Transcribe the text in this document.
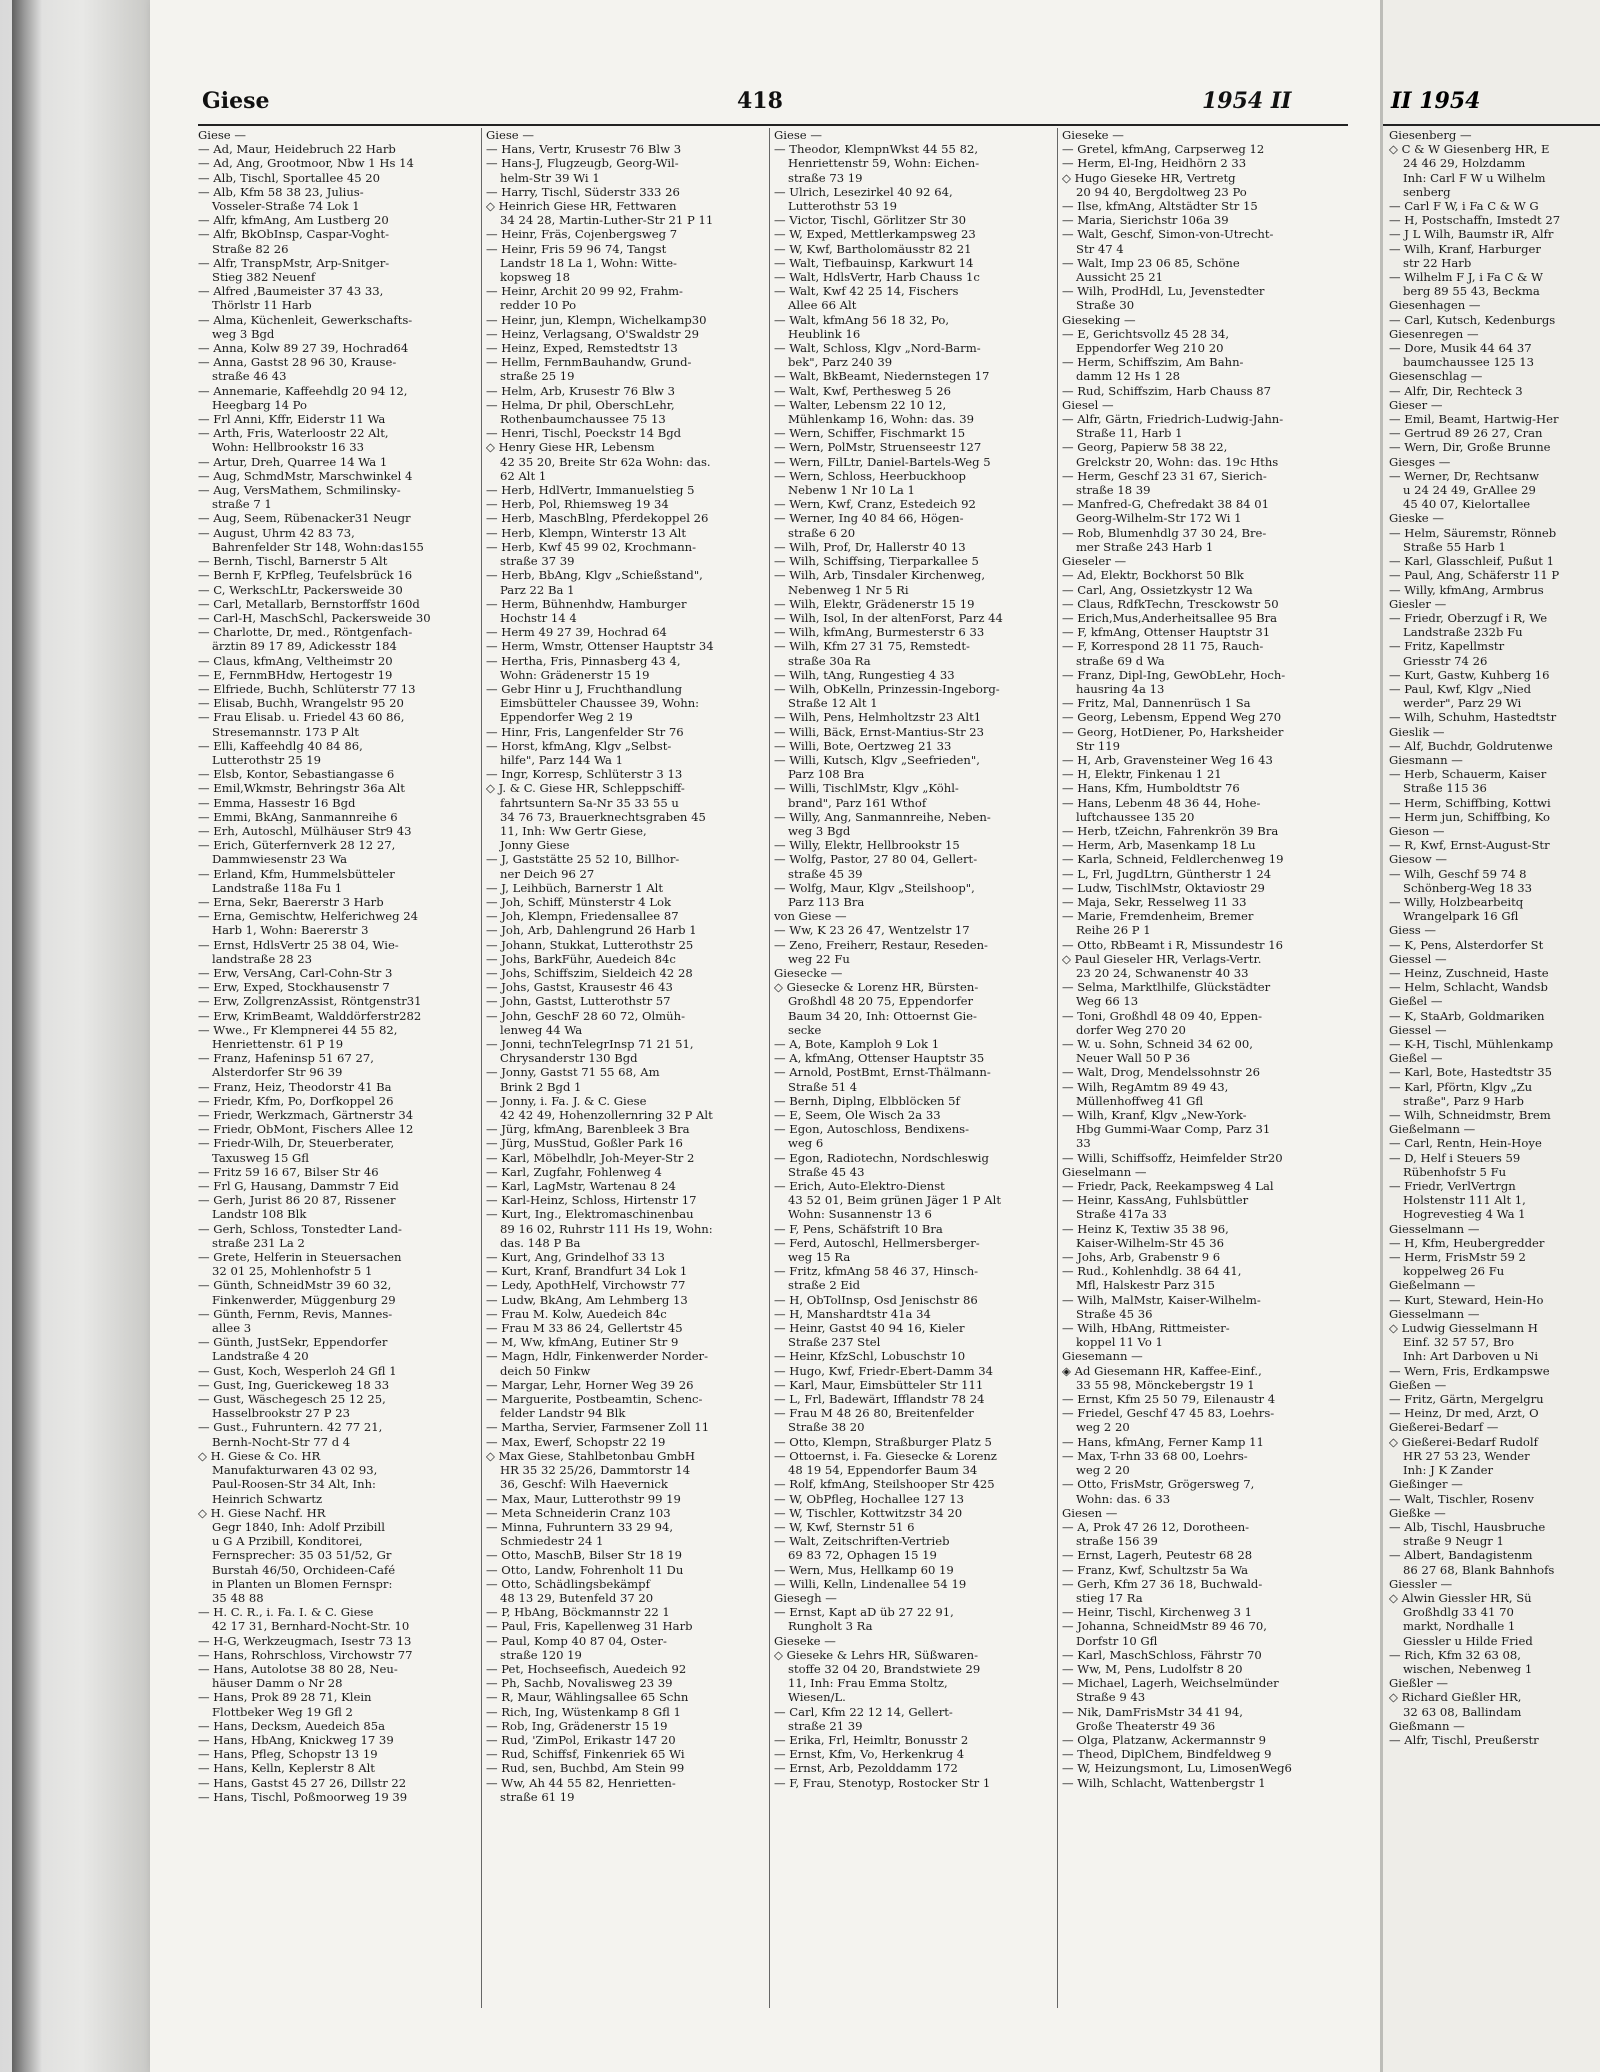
Giese	418	1954 II
Giese —
— Ad, Maur, Heidebruch 22 Harb
— Ad, Ang, Grootmoor, Nbw 1 Hs 14
— Alb, Tischl, Sportallee 45 20
— Alb, Kfm 58 38 23, Julius-
Vosseler-Straße 74 Lok 1
— Alfr, kfmAng, Am Lustberg 20
— Alfr, BkObInsp, Caspar-Voght-
Straße 82 26
— Alfr, TranspMstr, Arp-Snitger-
Stieg 382 Neuenf
— Alfred ‚Baumeister 37 43 33,
Thörlstr 11 Harb
— Alma, Küchenleit, Gewerkschafts-
weg 3 Bgd
— Anna, Kolw 89 27 39, Hochrad64
— Anna, Gastst 28 96 30, Krause-
straße 46 43
— Annemarie, Kaffeehdlg 20 94 12,
Heegbarg 14 Po
— Frl Anni, Kffr, Eiderstr 11 Wa
— Arth, Fris, Waterloostr 22 Alt,
Wohn: Hellbrookstr 16 33
— Artur, Dreh, Quarree 14 Wa 1
— Aug, SchmdMstr, Marschwinkel 4
— Aug, VersMathem, Schmilinsky-
straße 7 1
— Aug, Seem, Rübenacker31 Neugr
— August, Uhrm 42 83 73,
Bahrenfelder Str 148, Wohn:das155
— Bernh, Tischl, Barnerstr 5 Alt
— Bernh F, KrPfleg, Teufelsbrück 16
— C, WerkschLtr, Packersweide 30
— Carl, Metallarb, Bernstorffstr 160d
— Carl-H, MaschSchl, Packersweide 30
— Charlotte, Dr, med., Röntgenfach-
ärztin 89 17 89, Adickesstr 184
— Claus, kfmAng, Veltheimstr 20
— E, FernmBHdw, Hertogestr 19
— Elfriede, Buchh, Schlüterstr 77 13
— Elisab, Buchh, Wrangelstr 95 20
— Frau Elisab. u. Friedel 43 60 86,
Stresemannstr. 173 P Alt
— Elli, Kaffeehdlg 40 84 86,
Lutterothstr 25 19
— Elsb, Kontor, Sebastiangasse 6
— Emil,Wkmstr, Behringstr 36a Alt
— Emma, Hassestr 16 Bgd
— Emmi, BkAng, Sanmannreihe 6
— Erh, Autoschl, Mülhäuser Str9 43
— Erich, Güterfernverk 28 12 27,
Dammwiesenstr 23 Wa
— Erland, Kfm, Hummelsbütteler
Landstraße 118a Fu 1
— Erna, Sekr, Baererstr 3 Harb
— Erna, Gemischtw, Helferichweg 24
Harb 1, Wohn: Baererstr 3
— Ernst, HdlsVertr 25 38 04, Wie-
landstraße 28 23
— Erw, VersAng, Carl-Cohn-Str 3
— Erw, Exped, Stockhausenstr 7
— Erw, ZollgrenzAssist, Röntgenstr31
— Erw, KrimBeamt, Walddörferstr282
— Wwe., Fr Klempnerei 44 55 82,
Henriettenstr. 61 P 19
— Franz, Hafeninsp 51 67 27,
Alsterdorfer Str 96 39
— Franz, Heiz, Theodorstr 41 Ba
— Friedr, Kfm, Po, Dorfkoppel 26
— Friedr, Werkzmach, Gärtnerstr 34
— Friedr, ObMont, Fischers Allee 12
— Friedr-Wilh, Dr, Steuerberater,
Taxusweg 15 Gfl
— Fritz 59 16 67, Bilser Str 46
— Frl G, Hausang, Dammstr 7 Eid
— Gerh, Jurist 86 20 87, Rissener
Landstr 108 Blk
— Gerh, Schloss, Tonstedter Land-
straße 231 La 2
— Grete, Helferin in Steuersachen
32 01 25, Mohlenhofstr 5 1
— Günth, SchneidMstr 39 60 32,
Finkenwerder, Müggenburg 29
— Günth, Fernm, Revis, Mannes-
allee 3
— Günth, JustSekr, Eppendorfer
Landstraße 4 20
— Gust, Koch, Wesperloh 24 Gfl 1
— Gust, Ing, Guerickeweg 18 33
— Gust, Wäschegesch 25 12 25,
Hasselbrookstr 27 P 23
— Gust., Fuhruntern. 42 77 21,
Bernh-Nocht-Str 77 d 4
◇ H. Giese & Co. HR
Manufakturwaren 43 02 93,
Paul-Roosen-Str 34 Alt, Inh:
Heinrich Schwartz
◇ H. Giese Nachf. HR
Gegr 1840, Inh: Adolf Przibill
u G A Przibill, Konditorei,
Fernsprecher: 35 03 51/52, Gr
Burstah 46/50, Orchideen-Café
in Planten un Blomen Fernspr:
35 48 88
— H. C. R., i. Fa. I. & C. Giese
42 17 31, Bernhard-Nocht-Str. 10
— H-G, Werkzeugmach, Isestr 73 13
— Hans, Rohrschloss, Virchowstr 77
— Hans, Autolotse 38 80 28, Neu-
häuser Damm o Nr 28
— Hans, Prok 89 28 71, Klein
Flottbeker Weg 19 Gfl 2
— Hans, Decksm, Auedeich 85a
— Hans, HbAng, Knickweg 17 39
— Hans, Pfleg, Schopstr 13 19
— Hans, Kelln, Keplerstr 8 Alt
— Hans, Gastst 45 27 26, Dillstr 22
— Hans, Tischl, Poßmoorweg 19 39
Giese —
— Hans, Vertr, Krusestr 76 Blw 3
— Hans-J, Flugzeugb, Georg-Wil-
helm-Str 39 Wi 1
— Harry, Tischl, Süderstr 333 26
◇ Heinrich Giese HR, Fettwaren
34 24 28, Martin-Luther-Str 21 P 11
— Heinr, Fräs, Cojenbergsweg 7
— Heinr, Fris 59 96 74, Tangst
Landstr 18 La 1, Wohn: Witte-
kopsweg 18
— Heinr, Archit 20 99 92, Frahm-
redder 10 Po
— Heinr, jun, Klempn, Wichelkamp30
— Heinz, Verlagsang, O'Swaldstr 29
— Heinz, Exped, Remstedtstr 13
— Hellm, FernmBauhandw, Grund-
straße 25 19
— Helm, Arb, Krusestr 76 Blw 3
— Helma, Dr phil, OberschLehr,
Rothenbaumchaussee 75 13
— Henri, Tischl, Poeckstr 14 Bgd
◇ Henry Giese HR, Lebensm
42 35 20, Breite Str 62a Wohn: das.
62 Alt 1
— Herb, HdlVertr, Immanuelstieg 5
— Herb, Pol, Rhiemsweg 19 34
— Herb, MaschBlng, Pferdekoppel 26
— Herb, Klempn, Winterstr 13 Alt
— Herb, Kwf 45 99 02, Krochmann-
straße 37 39
— Herb, BbAng, Klgv „Schießstand",
Parz 22 Ba 1
— Herm, Bühnenhdw, Hamburger
Hochstr 14 4
— Herm 49 27 39, Hochrad 64
— Herm, Wmstr, Ottenser Hauptstr 34
— Hertha, Fris, Pinnasberg 43 4,
Wohn: Grädenerstr 15 19
— Gebr Hinr u J, Fruchthandlung
Eimsbütteler Chaussee 39, Wohn:
Eppendorfer Weg 2 19
— Hinr, Fris, Langenfelder Str 76
— Horst, kfmAng, Klgv „Selbst-
hilfe", Parz 144 Wa 1
— Ingr, Korresp, Schlüterstr 3 13
◇ J. & C. Giese HR, Schleppschiff-
fahrtsuntern Sa-Nr 35 33 55 u
34 76 73, Brauerknechtsgraben 45
11, Inh: Ww Gertr Giese,
Jonny Giese
— J, Gaststätte 25 52 10, Billhor-
ner Deich 96 27
— J, Leihbüch, Barnerstr 1 Alt
— Joh, Schiff, Münsterstr 4 Lok
— Joh, Klempn, Friedensallee 87
— Joh, Arb, Dahlengrund 26 Harb 1
— Johann, Stukkat, Lutterothstr 25
— Johs, BarkFühr, Auedeich 84c
— Johs, Schiffszim, Sieldeich 42 28
— Johs, Gastst, Krausestr 46 43
— John, Gastst, Lutterothstr 57
— John, GeschF 28 60 72, Olmüh-
lenweg 44 Wa
— Jonni, technTelegrInsp 71 21 51,
Chrysanderstr 130 Bgd
— Jonny, Gastst 71 55 68, Am
Brink 2 Bgd 1
— Jonny, i. Fa. J. & C. Giese
42 42 49, Hohenzollernring 32 P Alt
— Jürg, kfmAng, Barenbleek 3 Bra
— Jürg, MusStud, Goßler Park 16
— Karl, Möbelhdlr, Joh-Meyer-Str 2
— Karl, Zugfahr, Fohlenweg 4
— Karl, LagMstr, Wartenau 8 24
— Karl-Heinz, Schloss, Hirtenstr 17
— Kurt, Ing., Elektromaschinenbau
89 16 02, Ruhrstr 111 Hs 19, Wohn:
das. 148 P Ba
— Kurt, Ang, Grindelhof 33 13
— Kurt, Kranf, Brandfurt 34 Lok 1
— Ledy, ApothHelf, Virchowstr 77
— Ludw, BkAng, Am Lehmberg 13
— Frau M. Kolw, Auedeich 84c
— Frau M 33 86 24, Gellertstr 45
— M, Ww, kfmAng, Eutiner Str 9
— Magn, Hdlr, Finkenwerder Norder-
deich 50 Finkw
— Margar, Lehr, Horner Weg 39 26
— Marguerite, Postbeamtin, Schenc-
felder Landstr 94 Blk
— Martha, Servier, Farmsener Zoll 11
— Max, Ewerf, Schopstr 22 19
◇ Max Giese, Stahlbetonbau GmbH
HR 35 32 25/26, Dammtorstr 14
36, Geschf: Wilh Haevernick
— Max, Maur, Lutterothstr 99 19
— Meta Schneiderin Cranz 103
— Minna, Fuhruntern 33 29 94,
Schmiedestr 24 1
— Otto, MaschB, Bilser Str 18 19
— Otto, Landw, Fohrenholt 11 Du
— Otto, Schädlingsbekämpf
48 13 29, Butenfeld 37 20
— P, HbAng, Böckmannstr 22 1
— Paul, Fris, Kapellenweg 31 Harb
— Paul, Komp 40 87 04, Oster-
straße 120 19
— Pet, Hochseefisch, Auedeich 92
— Ph, Sachb, Novalisweg 23 39
— R, Maur, Wählingsallee 65 Schn
— Rich, Ing, Wüstenkamp 8 Gfl 1
— Rob, Ing, Grädenerstr 15 19
— Rud, 'ZimPol, Erikastr 147 20
— Rud, Schiffsf, Finkenriek 65 Wi
— Rud, sen, Buchbd, Am Stein 99
— Ww, Ah 44 55 82, Henrietten-
straße 61 19
Giese —
— Theodor, KlempnWkst 44 55 82,
Henriettenstr 59, Wohn: Eichen-
straße 73 19
— Ulrich, Lesezirkel 40 92 64,
Lutterothstr 53 19
— Victor, Tischl, Görlitzer Str 30
— W, Exped, Mettlerkampsweg 23
— W, Kwf, Bartholomäusstr 82 21
— Walt, Tiefbauinsp, Karkwurt 14
— Walt, HdlsVertr, Harb Chauss 1c
— Walt, Kwf 42 25 14, Fischers
Allee 66 Alt
— Walt, kfmAng 56 18 32, Po,
Heublink 16
— Walt, Schloss, Klgv „Nord-Barm-
bek", Parz 240 39
— Walt, BkBeamt, Niedernstegen 17
— Walt, Kwf, Perthesweg 5 26
— Walter, Lebensm 22 10 12,
Mühlenkamp 16, Wohn: das. 39
— Wern, Schiffer, Fischmarkt 15
— Wern, PolMstr, Struenseestr 127
— Wern, FilLtr, Daniel-Bartels-Weg 5
— Wern, Schloss, Heerbuckhoop
Nebenw 1 Nr 10 La 1
— Wern, Kwf, Cranz, Estedeich 92
— Werner, Ing 40 84 66, Högen-
straße 6 20
— Wilh, Prof, Dr, Hallerstr 40 13
— Wilh, Schiffsing, Tierparkallee 5
— Wilh, Arb, Tinsdaler Kirchenweg,
Nebenweg 1 Nr 5 Ri
— Wilh, Elektr, Grädenerstr 15 19
— Wilh, Isol, In der altenForst, Parz 44
— Wilh, kfmAng, Burmesterstr 6 33
— Wilh, Kfm 27 31 75, Remstedt-
straße 30a Ra
— Wilh, tAng, Rungestieg 4 33
— Wilh, ObKelln, Prinzessin-Ingeborg-
Straße 12 Alt 1
— Wilh, Pens, Helmholtzstr 23 Alt1
— Willi, Bäck, Ernst-Mantius-Str 23
— Willi, Bote, Oertzweg 21 33
— Willi, Kutsch, Klgv „Seefrieden",
Parz 108 Bra
— Willi, TischlMstr, Klgv „Köhl-
brand", Parz 161 Wthof
— Willy, Ang, Sanmannreihe, Neben-
weg 3 Bgd
— Willy, Elektr, Hellbrookstr 15
— Wolfg, Pastor, 27 80 04, Gellert-
straße 45 39
— Wolfg, Maur, Klgv „Steilshoop",
Parz 113 Bra
von Giese —
— Ww, K 23 26 47, Wentzelstr 17
— Zeno, Freiherr, Restaur, Reseden-
weg 22 Fu
Giesecke —
◇ Giesecke & Lorenz HR, Bürsten-
Großhdl 48 20 75, Eppendorfer
Baum 34 20, Inh: Ottoernst Gie-
secke
— A, Bote, Kamploh 9 Lok 1
— A, kfmAng, Ottenser Hauptstr 35
— Arnold, PostBmt, Ernst-Thälmann-
Straße 51 4
— Bernh, Diplng, Elbblöcken 5f
— E, Seem, Ole Wisch 2a 33
— Egon, Autoschloss, Bendixens-
weg 6
— Egon, Radiotechn, Nordschleswig
Straße 45 43
— Erich, Auto-Elektro-Dienst
43 52 01, Beim grünen Jäger 1 P Alt
Wohn: Susannenstr 13 6
— F, Pens, Schäfstrift 10 Bra
— Ferd, Autoschl, Hellmersberger-
weg 15 Ra
— Fritz, kfmAng 58 46 37, Hinsch-
straße 2 Eid
— H, ObTolInsp, Osd Jenischstr 86
— H, Manshardtstr 41a 34
— Heinr, Gastst 40 94 16, Kieler
Straße 237 Stel
— Heinr, KfzSchl, Lobuschstr 10
— Hugo, Kwf, Friedr-Ebert-Damm 34
— Karl, Maur, Eimsbütteler Str 111
— L, Frl, Badewärt, Ifflandstr 78 24
— Frau M 48 26 80, Breitenfelder
Straße 38 20
— Otto, Klempn, Straßburger Platz 5
— Ottoernst, i. Fa. Giesecke & Lorenz
48 19 54, Eppendorfer Baum 34
— Rolf, kfmAng, Steilshooper Str 425
— W, ObPfleg, Hochallee 127 13
— W, Tischler, Kottwitzstr 34 20
— W, Kwf, Sternstr 51 6
— Walt, Zeitschriften-Vertrieb
69 83 72, Ophagen 15 19
— Wern, Mus, Hellkamp 60 19
— Willi, Kelln, Lindenallee 54 19
Giesegh —
— Ernst, Kapt aD üb 27 22 91,
Rungholt 3 Ra
Gieseke —
◇ Gieseke & Lehrs HR, Süßwaren-
stoffe 32 04 20, Brandstwiete 29
11, Inh: Frau Emma Stoltz,
Wiesen/L.
— Carl, Kfm 22 12 14, Gellert-
straße 21 39
— Erika, Frl, Heimltr, Bonusstr 2
— Ernst, Kfm, Vo, Herkenkrug 4
— Ernst, Arb, Pezolddamm 172
— F, Frau, Stenotyp, Rostocker Str 1
Gieseke —
— Gretel, kfmAng, Carpserweg 12
— Herm, El-Ing, Heidhörn 2 33
◇ Hugo Gieseke HR, Vertretg
20 94 40, Bergdoltweg 23 Po
— Ilse, kfmAng, Altstädter Str 15
— Maria, Sierichstr 106a 39
— Walt, Geschf, Simon-von-Utrecht-
Str 47 4
— Walt, Imp 23 06 85, Schöne
Aussicht 25 21
— Wilh, ProdHdl, Lu, Jevenstedter
Straße 30
Gieseking —
— E, Gerichtsvollz 45 28 34,
Eppendorfer Weg 210 20
— Herm, Schiffszim, Am Bahn-
damm 12 Hs 1 28
— Rud, Schiffszim, Harb Chauss 87
Giesel —
— Alfr, Gärtn, Friedrich-Ludwig-Jahn-
Straße 11, Harb 1
— Georg, Papierw 58 38 22,
Grelckstr 20, Wohn: das. 19c Hths
— Herm, Geschf 23 31 67, Sierich-
straße 18 39
— Manfred-G, Chefredakt 38 84 01
Georg-Wilhelm-Str 172 Wi 1
— Rob, Blumenhdlg 37 30 24, Bre-
mer Straße 243 Harb 1
Gieseler —
— Ad, Elektr, Bockhorst 50 Blk
— Carl, Ang, Ossietzkystr 12 Wa
— Claus, RdfkTechn, Tresckowstr 50
— Erich,Mus,Anderheitsallee 95 Bra
— F, kfmAng, Ottenser Hauptstr 31
— F, Korrespond 28 11 75, Rauch-
straße 69 d Wa
— Franz, Dipl-Ing, GewObLehr, Hoch-
hausring 4a 13
— Fritz, Mal, Dannenrüsch 1 Sa
— Georg, Lebensm, Eppend Weg 270
— Georg, HotDiener, Po, Harksheider
Str 119
— H, Arb, Gravensteiner Weg 16 43
— H, Elektr, Finkenau 1 21
— Hans, Kfm, Humboldtstr 76
— Hans, Lebenm 48 36 44, Hohe-
luftchaussee 135 20
— Herb, tZeichn, Fahrenkrön 39 Bra
— Herm, Arb, Masenkamp 18 Lu
— Karla, Schneid, Feldlerchenweg 19
— L, Frl, JugdLtrn, Güntherstr 1 24
— Ludw, TischlMstr, Oktaviostr 29
— Maja, Sekr, Resselweg 11 33
— Marie, Fremdenheim, Bremer
Reihe 26 P 1
— Otto, RbBeamt i R, Missundestr 16
◇ Paul Gieseler HR, Verlags-Vertr.
23 20 24, Schwanenstr 40 33
— Selma, Marktlhilfe, Glückstädter
Weg 66 13
— Toni, Großhdl 48 09 40, Eppen-
dorfer Weg 270 20
— W. u. Sohn, Schneid 34 62 00,
Neuer Wall 50 P 36
— Walt, Drog, Mendelssohnstr 26
— Wilh, RegAmtm 89 49 43,
Müllenhoffweg 41 Gfl
— Wilh, Kranf, Klgv „New-York-
Hbg Gummi-Waar Comp, Parz 31
33
— Willi, Schiffsoffz, Heimfelder Str20
Gieselmann —
— Friedr, Pack, Reekampsweg 4 Lal
— Heinr, KassAng, Fuhlsbüttler
Straße 417a 33
— Heinz K, Textiw 35 38 96,
Kaiser-Wilhelm-Str 45 36
— Johs, Arb, Grabenstr 9 6
— Rud., Kohlenhdlg. 38 64 41,
Mfl, Halskestr Parz 315
— Wilh, MalMstr, Kaiser-Wilhelm-
Straße 45 36
— Wilh, HbAng, Rittmeister-
koppel 11 Vo 1
Giesemann —
◈ Ad Giesemann HR, Kaffee-Einf.,
33 55 98, Mönckebergstr 19 1
— Ernst, Kfm 25 50 79, Eilenaustr 4
— Friedel, Geschf 47 45 83, Loehrs-
weg 2 20
— Hans, kfmAng, Ferner Kamp 11
— Max, T-rhn 33 68 00, Loehrs-
weg 2 20
— Otto, FrisMstr, Grögersweg 7,
Wohn: das. 6 33
Giesen —
— A, Prok 47 26 12, Dorotheen-
straße 156 39
— Ernst, Lagerh, Peutestr 68 28
— Franz, Kwf, Schultzstr 5a Wa
— Gerh, Kfm 27 36 18, Buchwald-
stieg 17 Ra
— Heinr, Tischl, Kirchenweg 3 1
— Johanna, SchneidMstr 89 46 70,
Dorfstr 10 Gfl
— Karl, MaschSchloss, Fährstr 70
— Ww, M, Pens, Ludolfstr 8 20
— Michael, Lagerh, Weichselmünder
Straße 9 43
— Nik, DamFrisMstr 34 41 94,
Große Theaterstr 49 36
— Olga, Platzanw, Ackermannstr 9
— Theod, DiplChem, Bindfeldweg 9
— W, Heizungsmont, Lu, LimosenWeg6
— Wilh, Schlacht, Wattenbergstr 1
II 1954
Giesenberg —
◇ C & W Giesenberg HR, E
24 46 29, Holzdamm
Inh: Carl F W u Wilhelm
senberg
— Carl F W, i Fa C & W G
— H, Postschaffn, Imstedt 27
— J L Wilh, Baumstr iR, Alfr
— Wilh, Kranf, Harburger
str 22 Harb
— Wilhelm F J, i Fa C & W
berg 89 55 43, Beckma
Giesenhagen —
— Carl, Kutsch, Kedenburgs
Giesenregen —
— Dore, Musik 44 64 37
baumchaussee 125 13
Giesenschlag —
— Alfr, Dir, Rechteck 3
Gieser —
— Emil, Beamt, Hartwig-Her
— Gertrud 89 26 27, Cran
— Wern, Dir, Große Brunne
Giesges —
— Werner, Dr, Rechtsanw
u 24 24 49, GrAllee 29
45 40 07, Kielortallee
Gieske —
— Helm, Säuremstr, Rönneb
Straße 55 Harb 1
— Karl, Glasschleif, Pußut 1
— Paul, Ang, Schäferstr 11 P
— Willy, kfmAng, Armbrus
Giesler —
— Friedr, Oberzugf i R, We
Landstraße 232b Fu
— Fritz, Kapellmstr
Griesstr 74 26
— Kurt, Gastw, Kuhberg 16
— Paul, Kwf, Klgv „Nied
werder", Parz 29 Wi
— Wilh, Schuhm, Hastedtstr
Gieslik —
— Alf, Buchdr, Goldrutenwe
Giesmann —
— Herb, Schauerm, Kaiser
Straße 115 36
— Herm, Schiffbing, Kottwi
— Herm jun, Schiffbing, Ko
Gieson —
— R, Kwf, Ernst-August-Str
Giesow —
— Wilh, Geschf 59 74 8
Schönberg-Weg 18 33
— Willy, Holzbearbeitq
Wrangelpark 16 Gfl
Giess —
— K, Pens, Alsterdorfer St
Giessel —
— Heinz, Zuschneid, Haste
— Helm, Schlacht, Wandsb
Gießel —
— K, StaArb, Goldmariken
Giessel —
— K-H, Tischl, Mühlenkamp
Gießel —
— Karl, Bote, Hastedtstr 35
— Karl, Pförtn, Klgv „Zu
straße", Parz 9 Harb
— Wilh, Schneidmstr, Brem
Gießelmann —
— Carl, Rentn, Hein-Hoye
— D, Helf i Steuers 59
Rübenhofstr 5 Fu
— Friedr, VerlVertrgn
Holstenstr 111 Alt 1,
Hogrevestieg 4 Wa 1
Giesselmann —
— H, Kfm, Heubergredder
— Herm, FrisMstr 59 2
koppelweg 26 Fu
Gießelmann —
— Kurt, Steward, Hein-Ho
Giesselmann —
◇ Ludwig Giesselmann H
Einf. 32 57 57, Bro
Inh: Art Darboven u Ni
— Wern, Fris, Erdkampswe
Gießen —
— Fritz, Gärtn, Mergelgru
— Heinz, Dr med, Arzt, O
Gießerei-Bedarf —
◇ Gießerei-Bedarf Rudolf
HR 27 53 23, Wender
Inh: J K Zander
Gießinger —
— Walt, Tischler, Rosenv
Gießke —
— Alb, Tischl, Hausbruche
straße 9 Neugr 1
— Albert, Bandagistenm
86 27 68, Blank Bahnhofs
Giessler —
◇ Alwin Giessler HR, Sü
Großhdlg 33 41 70
markt, Nordhalle 1
Giessler u Hilde Fried
— Rich, Kfm 32 63 08,
wischen, Nebenweg 1
Gießler —
◇ Richard Gießler HR,
32 63 08, Ballindam
Gießmann —
— Alfr, Tischl, Preußerstr
